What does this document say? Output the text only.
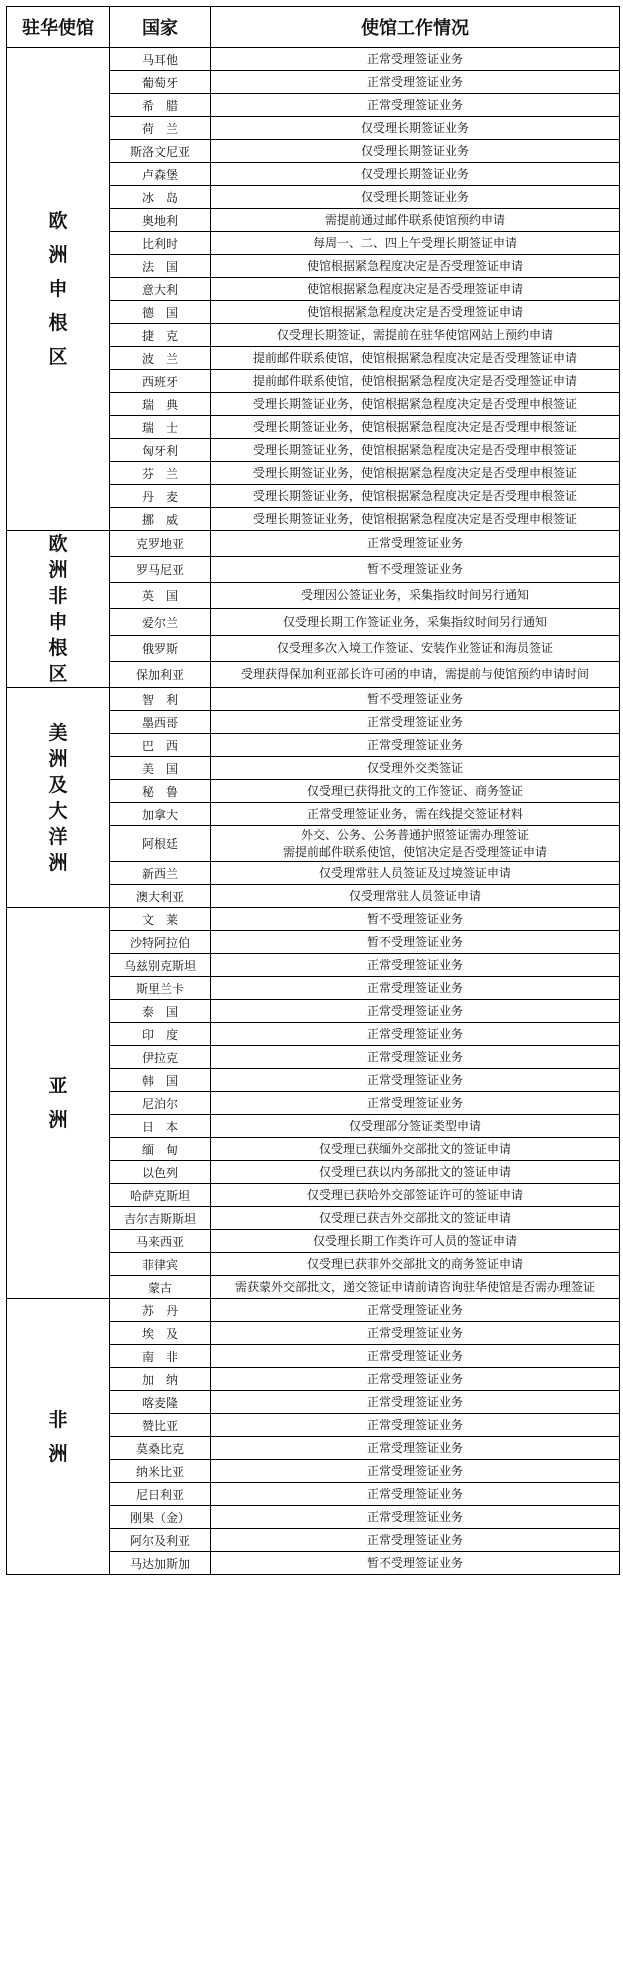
驻华使馆	国家	使馆工作情况
欧洲申根区	马耳他	正常受理签证业务
	葡萄牙	正常受理签证业务
	希　腊	正常受理签证业务
	荷　兰	仅受理长期签证业务
	斯洛文尼亚	仅受理长期签证业务
	卢森堡	仅受理长期签证业务
	冰　岛	仅受理长期签证业务
	奥地利	需提前通过邮件联系使馆预约申请
	比利时	每周一、二、四上午受理长期签证申请
	法　国	使馆根据紧急程度决定是否受理签证申请
	意大利	使馆根据紧急程度决定是否受理签证申请
	德　国	使馆根据紧急程度决定是否受理签证申请
	捷　克	仅受理长期签证，需提前在驻华使馆网站上预约申请
	波　兰	提前邮件联系使馆，使馆根据紧急程度决定是否受理签证申请
	西班牙	提前邮件联系使馆，使馆根据紧急程度决定是否受理签证申请
	瑞　典	受理长期签证业务，使馆根据紧急程度决定是否受理申根签证
	瑞　士	受理长期签证业务，使馆根据紧急程度决定是否受理申根签证
	匈牙利	受理长期签证业务，使馆根据紧急程度决定是否受理申根签证
	芬　兰	受理长期签证业务，使馆根据紧急程度决定是否受理申根签证
	丹　麦	受理长期签证业务，使馆根据紧急程度决定是否受理申根签证
	挪　威	受理长期签证业务，使馆根据紧急程度决定是否受理申根签证
欧洲非申根区	克罗地亚	正常受理签证业务
	罗马尼亚	暂不受理签证业务
	英　国	受理因公签证业务，采集指纹时间另行通知
	爱尔兰	仅受理长期工作签证业务，采集指纹时间另行通知
	俄罗斯	仅受理多次入境工作签证、安装作业签证和海员签证
	保加利亚	受理获得保加利亚部长许可函的申请，需提前与使馆预约申请时间
美洲及大洋洲	智　利	暂不受理签证业务
	墨西哥	正常受理签证业务
	巴　西	正常受理签证业务
	美　国	仅受理外交类签证
	秘　鲁	仅受理已获得批文的工作签证、商务签证
	加拿大	正常受理签证业务，需在线提交签证材料
	阿根廷	外交、公务、公务普通护照签证需办理签证
需提前邮件联系使馆，使馆决定是否受理签证申请
	新西兰	仅受理常驻人员签证及过境签证申请
	澳大利亚	仅受理常驻人员签证申请
亚　洲	文　莱	暂不受理签证业务
	沙特阿拉伯	暂不受理签证业务
	乌兹别克斯坦	正常受理签证业务
	斯里兰卡	正常受理签证业务
	泰　国	正常受理签证业务
	印　度	正常受理签证业务
	伊拉克	正常受理签证业务
	韩　国	正常受理签证业务
	尼泊尔	正常受理签证业务
	日　本	仅受理部分签证类型申请
	缅　甸	仅受理已获缅外交部批文的签证申请
	以色列	仅受理已获以内务部批文的签证申请
	哈萨克斯坦	仅受理已获哈外交部签证许可的签证申请
	吉尔吉斯斯坦	仅受理已获吉外交部批文的签证申请
	马来西亚	仅受理长期工作类许可人员的签证申请
	菲律宾	仅受理已获菲外交部批文的商务签证申请
	蒙古	需获蒙外交部批文，递交签证申请前请咨询驻华使馆是否需办理签证
非　洲	苏　丹	正常受理签证业务
	埃　及	正常受理签证业务
	南　非	正常受理签证业务
	加　纳	正常受理签证业务
	喀麦隆	正常受理签证业务
	赞比亚	正常受理签证业务
	莫桑比克	正常受理签证业务
	纳米比亚	正常受理签证业务
	尼日利亚	正常受理签证业务
	刚果（金）	正常受理签证业务
	阿尔及利亚	正常受理签证业务
	马达加斯加	暂不受理签证业务
